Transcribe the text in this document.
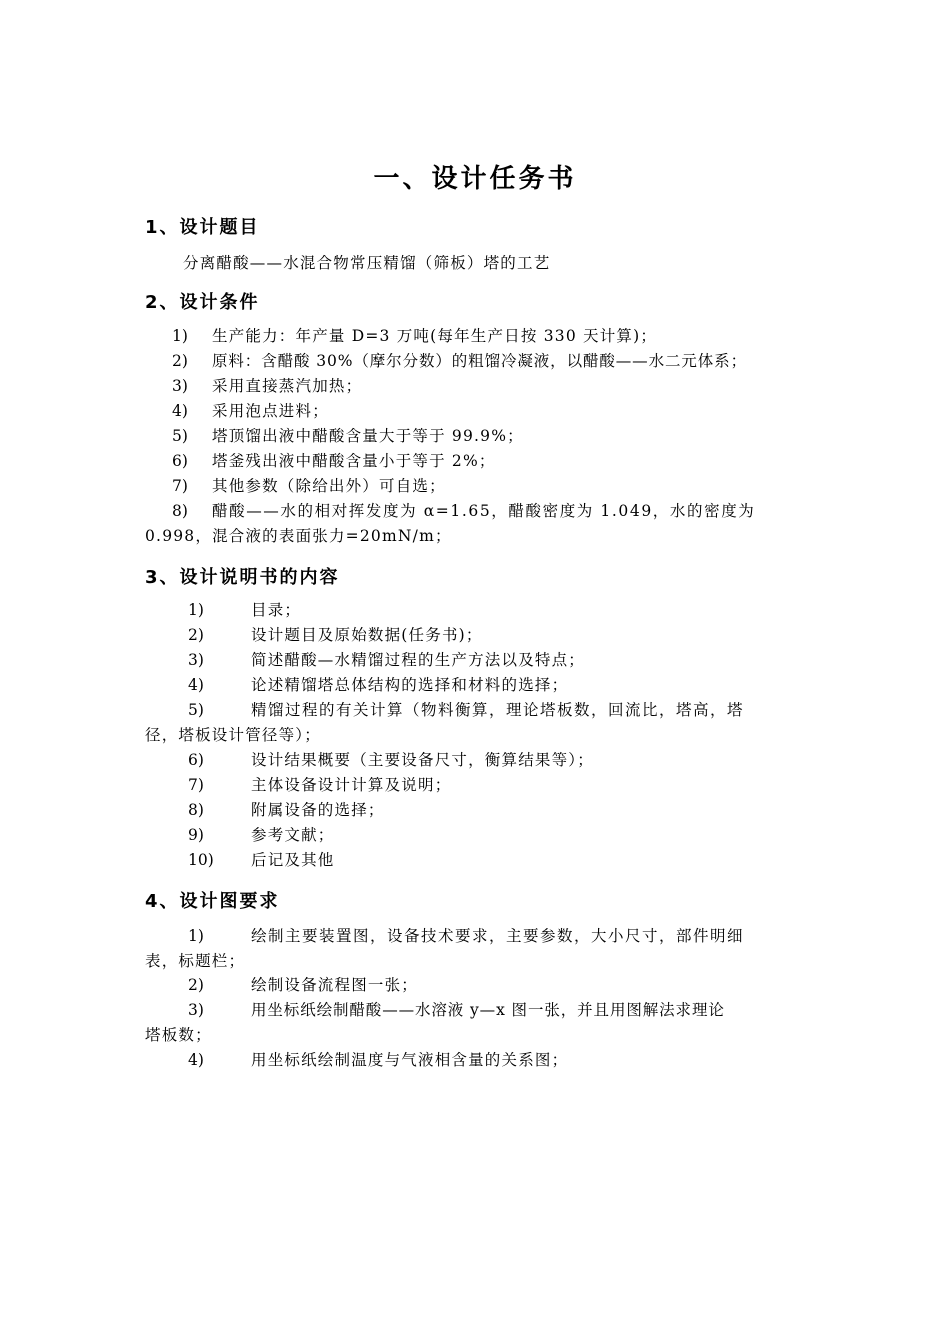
一、设计任务书
1、设计题目
分离醋酸——水混合物常压精馏（筛板）塔的工艺
2、设计条件
1) 生产能力：年产量 D=3 万吨(每年生产日按 330 天计算)；
2) 原料：含醋酸 30%（摩尔分数）的粗馏冷凝液，以醋酸——水二元体系；
3) 采用直接蒸汽加热；
4) 采用泡点进料；
5) 塔顶馏出液中醋酸含量大于等于 99.9%；
6) 塔釜残出液中醋酸含量小于等于 2%；
7) 其他参数（除给出外）可自选；
8) 醋酸——水的相对挥发度为 α=1.65，醋酸密度为 1.049，水的密度为
0.998，混合液的表面张力=20mN/m；
3、设计说明书的内容
1)	目录；
2)	设计题目及原始数据(任务书)；
3)	简述醋酸—水精馏过程的生产方法以及特点；
4)	论述精馏塔总体结构的选择和材料的选择；
5)	精馏过程的有关计算（物料衡算，理论塔板数，回流比，塔高，塔
径，塔板设计管径等）；
6)	设计结果概要（主要设备尺寸，衡算结果等）；
7)	主体设备设计计算及说明；
8)	附属设备的选择；
9)	参考文献；
10) 后记及其他
4、设计图要求
1)	绘制主要装置图，设备技术要求，主要参数，大小尺寸，部件明细
表，标题栏；
2)	绘制设备流程图一张；
3)	用坐标纸绘制醋酸——水溶液 y—x 图一张，并且用图解法求理论
塔板数；
4)	用坐标纸绘制温度与气液相含量的关系图；
